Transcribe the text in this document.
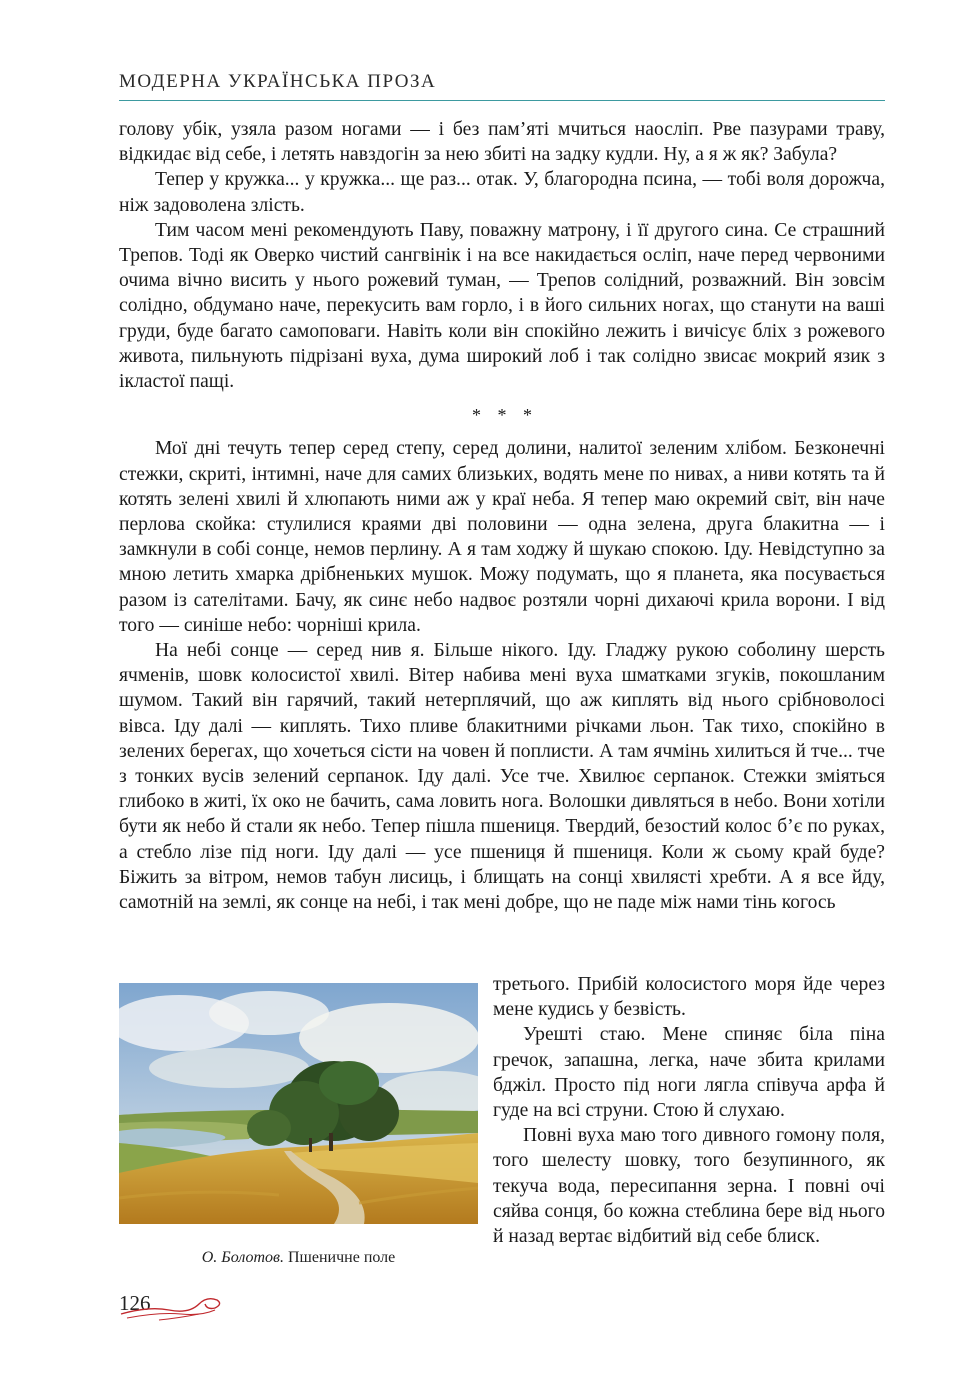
МОДЕРНА УКРАЇНСЬКА ПРОЗА

голову убік, узяла разом ногами — і без пам’яті мчиться наосліп. Рве пазурами траву, відкидає від себе, і летять навздогін за нею збиті на задку кудли. Ну, а я ж як? Забула?

Тепер у кружка... у кружка... ще раз... отак. У, благородна псина, — тобі воля дорожча, ніж задоволена злість.

Тим часом мені рекомендують Паву, поважну матрону, і її другого сина. Се страшний Трепов. Тоді як Оверко чистий сангвінік і на все накидається осліп, наче перед червоними очима вічно висить у нього рожевий туман, — Трепов солідний, розважний. Він зовсім солідно, обдумано наче, перекусить вам горло, і в його сильних ногах, що станути на ваші груди, буде багато самоповаги. Навіть коли він спокійно лежить і вичісує бліх з рожевого живота, пильнують підрізані вуха, дума широкий лоб і так солідно звисає мокрий язик з ікластої пащі.

* * *

Мої дні течуть тепер серед степу, серед долини, налитої зеленим хлібом. Безконечні стежки, скриті, інтимні, наче для самих близьких, водять мене по нивах, а ниви котять та й котять зелені хвилі й хлюпають ними аж у краї неба. Я тепер маю окремий світ, він наче перлова скойка: стулилися краями дві половини — одна зелена, друга блакитна — і замкнули в собі сонце, немов перлину. А я там ходжу й шукаю спокою. Іду. Невідступно за мною летить хмарка дрібненьких мушок. Можу подумать, що я планета, яка посувається разом із сателітами. Бачу, як синє небо надвоє розтяли чорні дихаючі крила ворони. І від того — синіше небо: чорніші крила.

На небі сонце — серед нив я. Більше нікого. Іду. Гладжу рукою соболину шерсть ячменів, шовк колосистої хвилі. Вітер набива мені вуха шматками згуків, покошланим шумом. Такий він гарячий, такий нетерплячий, що аж киплять від нього срібноволосі вівса. Іду далі — киплять. Тихо пливе блакитними річками льон. Так тихо, спокійно в зелених берегах, що хочеться сісти на човен й поплисти. А там ячмінь хилиться й тче... тче з тонких вусів зелений серпанок. Іду далі. Усе тче. Хвилює серпанок. Стежки зміяться глибоко в житі, їх око не бачить, сама ловить нога. Волошки дивляться в небо. Вони хотіли бути як небо й стали як небо. Тепер пішла пшениця. Твердий, безостий колос б’є по руках, а стебло лізе під ноги. Іду далі — усе пшениця й пшениця. Коли ж сьому край буде? Біжить за вітром, немов табун лисиць, і блищать на сонці хвилясті хребти. А я все йду, самотній на землі, як сонце на небі, і так мені добре, що не паде між нами тінь когось

О. Болотов. Пшеничне поле

третього. Прибій колосистого моря йде через мене кудись у безвість.

Урешті стаю. Мене спиняє біла піна гречок, запашна, легка, наче збита крилами бджіл. Просто під ноги лягла співуча арфа й гуде на всі струни. Стою й слухаю.

Повні вуха маю того дивного гомону поля, того шелесту шовку, того безупинного, як текуча вода, пересипання зерна. І повні очі сяйва сонця, бо кожна стеблина бере від нього й назад вертає відбитий від себе блиск.

126
